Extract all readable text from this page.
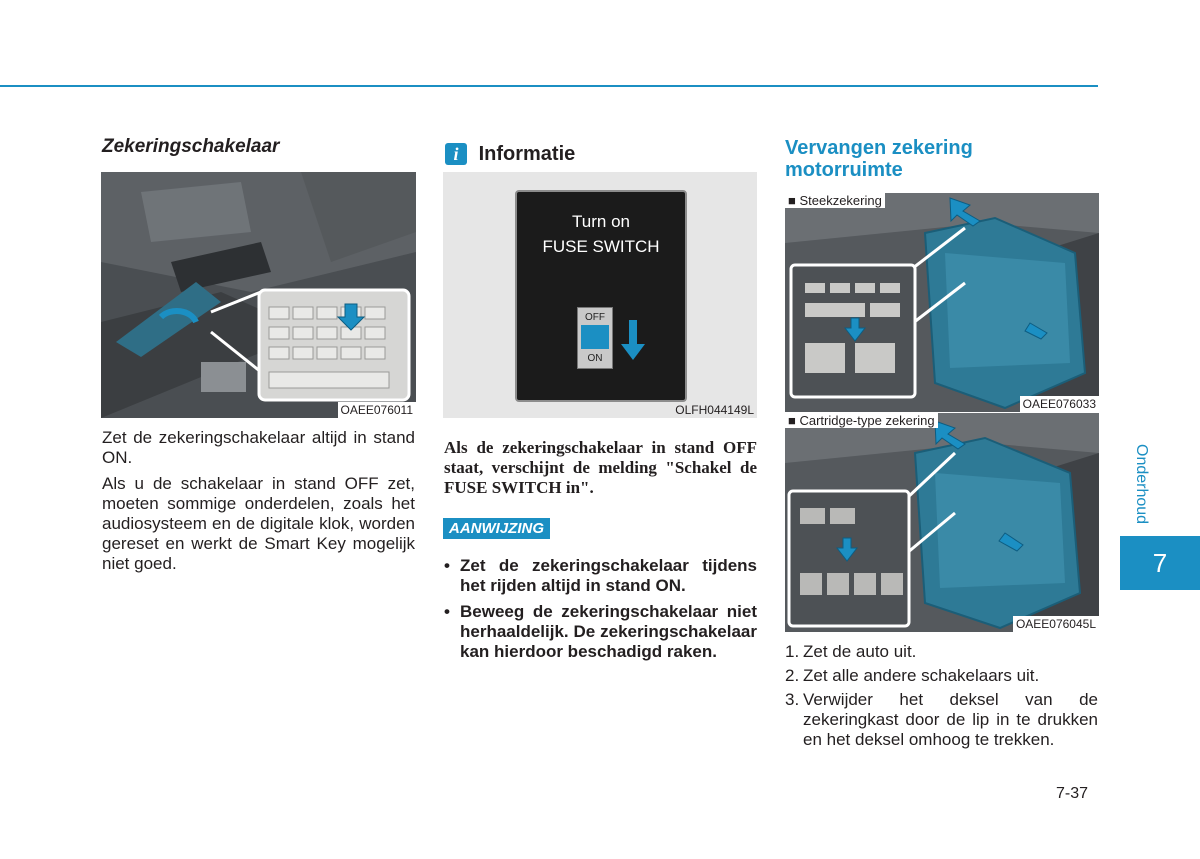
Zekeringschakelaar
OAEE076011
Zet de zekeringschakelaar altijd in stand ON.
Als u de schakelaar in stand OFF zet, moeten sommige onderdelen, zoals het audiosysteem en de digitale klok, worden gereset en werkt de Smart Key mogelijk niet goed.
i Informatie
Turn on
FUSE SWITCH
OFF
ON
OLFH044149L
Als de zekeringschakelaar in stand OFF staat, verschijnt de melding "Schakel de FUSE SWITCH in".
AANWIJZING
• Zet de zekeringschakelaar tijdens het rijden altijd in stand ON.
• Beweeg de zekeringschakelaar niet herhaaldelijk. De zekeringschakelaar kan hierdoor beschadigd raken.
Vervangen zekering
motorruimte
■ Steekzekering
OAEE076033
■ Cartridge-type zekering
OAEE076045L
1. Zet de auto uit.
2. Zet alle andere schakelaars uit.
3. Verwijder het deksel van de zekeringkast door de lip in te drukken en het deksel omhoog te trekken.
Onderhoud
7
7-37
